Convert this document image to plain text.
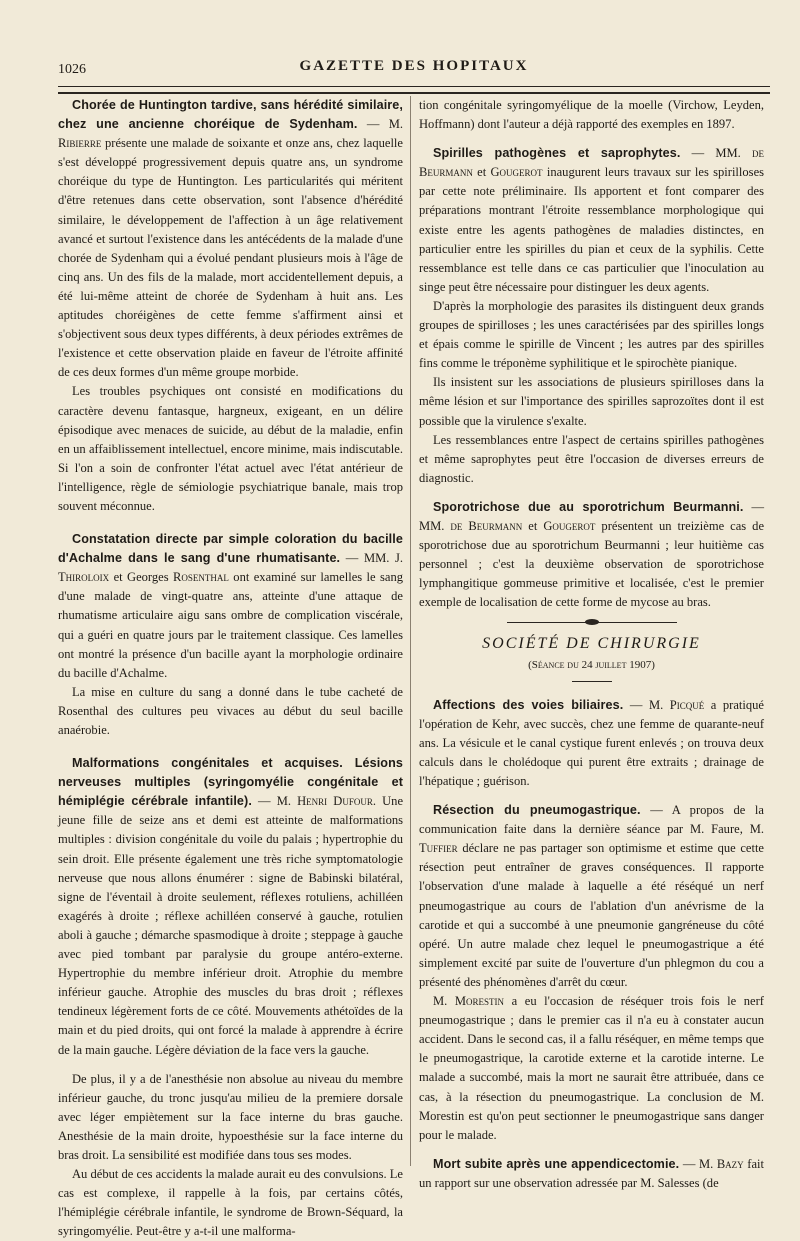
1026	GAZETTE DES HOPITAUX

Chorée de Huntington tardive, sans hérédité similaire, chez une ancienne choréique de Sydenham. — M. Ribierre présente une malade de soixante et onze ans, chez laquelle s'est développé progressivement depuis quatre ans, un syndrome choréique du type de Huntington. Les particularités qui méritent d'être retenues dans cette observation, sont l'absence d'hérédité similaire, le développement de l'affection à un âge relativement avancé et surtout l'existence dans les antécédents de la malade d'une chorée de Sydenham qui a évolué pendant plusieurs mois à l'âge de cinq ans. Un des fils de la malade, mort accidentellement depuis, a été lui-même atteint de chorée de Sydenham à huit ans. Les aptitudes choréigènes de cette femme s'affirment ainsi et s'objectivent sous deux types différents, à deux périodes extrêmes de l'existence et cette observation plaide en faveur de l'étroite affinité de ces deux formes d'un même groupe morbide.

Les troubles psychiques ont consisté en modifications du caractère devenu fantasque, hargneux, exigeant, en un délire épisodique avec menaces de suicide, au début de la maladie, enfin en un affaiblissement intellectuel, encore minime, mais indiscutable. Si l'on a soin de confronter l'état actuel avec l'état antérieur de l'intelligence, règle de sémiologie psychiatrique banale, mais trop souvent méconnue.

Constatation directe par simple coloration du bacille d'Achalme dans le sang d'une rhumatisante. — MM. J. Thiroloix et Georges Rosenthal ont examiné sur lamelles le sang d'une malade de vingt-quatre ans, atteinte d'une attaque de rhumatisme articulaire aigu sans ombre de complication viscérale, qui a guéri en quatre jours par le traitement classique. Ces lamelles ont montré la présence d'un bacille ayant la morphologie ordinaire du bacille d'Achalme.

La mise en culture du sang a donné dans le tube cacheté de Rosenthal des cultures peu vivaces au début du seul bacille anaérobie.

Malformations congénitales et acquises. Lésions nerveuses multiples (syringomyélie congénitale et hémiplégie cérébrale infantile). — M. Henri Dufour. Une jeune fille de seize ans et demi est atteinte de malformations multiples : division congénitale du voile du palais ; hypertrophie du sein droit. Elle présente également une très riche symptomatologie nerveuse que nous allons énumérer : signe de Babinski bilatéral, signe de l'éventail à droite seulement, réflexes rotuliens, achilléen exagérés à droite ; réflexe achilléen conservé à gauche, rotulien aboli à gauche ; démarche spasmodique à droite ; steppage à gauche avec pied tombant par paralysie du groupe antéro-externe. Hypertrophie du membre inférieur droit. Atrophie du membre inférieur gauche. Atrophie des muscles du bras droit ; réflexes tendineux légèrement forts de ce côté. Mouvements athétoïdes de la main et du pied droits, qui ont forcé la malade à apprendre à écrire de la main gauche. Légère déviation de la face vers la gauche.

De plus, il y a de l'anesthésie non absolue au niveau du membre inférieur gauche, du tronc jusqu'au milieu de la premiere dorsale avec léger empiètement sur la face interne du bras gauche. Anesthésie de la main droite, hypoesthésie sur la face interne du bras droit. La sensibilité est modifiée dans tous ses modes.

Au début de ces accidents la malade aurait eu des convulsions. Le cas est complexe, il rappelle à la fois, par certains côtés, l'hémiplégie cérébrale infantile, le syndrome de Brown-Séquard, la syringomyélie. Peut-être y a-t-il une malforma-

tion congénitale syringomyélique de la moelle (Virchow, Leyden, Hoffmann) dont l'auteur a déjà rapporté des exemples en 1897.

Spirilles pathogènes et saprophytes. — MM. de Beurmann et Gougerot inaugurent leurs travaux sur les spirilloses par cette note préliminaire. Ils apportent et font comparer des préparations montrant l'étroite ressemblance morphologique qui existe entre les agents pathogènes de maladies distinctes, en particulier entre les spirilles du pian et ceux de la syphilis. Cette ressemblance est telle dans ce cas particulier que l'inoculation au singe peut être nécessaire pour distinguer les deux agents.

D'après la morphologie des parasites ils distinguent deux grands groupes de spirilloses ; les unes caractérisées par des spirilles longs et épais comme le spirille de Vincent ; les autres par des spirilles fins comme le tréponème syphilitique et le spirochète pianique.

Ils insistent sur les associations de plusieurs spirilloses dans la même lésion et sur l'importance des spirilles saprozoïtes dont il est possible que la virulence s'exalte.

Les ressemblances entre l'aspect de certains spirilles pathogènes et même saprophytes peut être l'occasion de diverses erreurs de diagnostic.

Sporotrichose due au sporotrichum Beurmanni. — MM. de Beurmann et Gougerot présentent un treizième cas de sporotrichose due au sporotrichum Beurmanni ; leur huitième cas personnel ; c'est la deuxième observation de sporotrichose lymphangitique gommeuse primitive et localisée, c'est le premier exemple de localisation de cette forme de mycose au bras.

SOCIÉTÉ DE CHIRURGIE
(Séance du 24 juillet 1907)

Affections des voies biliaires. — M. Picqué a pratiqué l'opération de Kehr, avec succès, chez une femme de quarante-neuf ans. La vésicule et le canal cystique furent enlevés ; on trouva deux calculs dans le cholédoque qui purent être extraits ; drainage de l'hépatique ; guérison.

Résection du pneumogastrique. — A propos de la communication faite dans la dernière séance par M. Faure, M. Tuffier déclare ne pas partager son optimisme et estime que cette résection peut entraîner de graves conséquences. Il rapporte l'observation d'une malade à laquelle a été réséqué un nerf pneumogastrique au cours de l'ablation d'un anévrisme de la carotide et qui a succombé à une pneumonie gangréneuse du côté opéré. Un autre malade chez lequel le pneumogastrique a été simplement excité par suite de l'ouverture d'un phlegmon du cou a présenté des phénomènes d'arrêt du cœur.

M. Morestin a eu l'occasion de réséquer trois fois le nerf pneumogastrique ; dans le premier cas il n'a eu à constater aucun accident. Dans le second cas, il a fallu réséquer, en même temps que le pneumogastrique, la carotide externe et la carotide interne. Le malade a succombé, mais la mort ne saurait être attribuée, dans ce cas, à la résection du pneumogastrique. La conclusion de M. Morestin est qu'on peut sectionner le pneumogastrique sans danger pour le malade.

Mort subite après une appendicectomie. — M. Bazy fait un rapport sur une observation adressée par M. Salesses (de
